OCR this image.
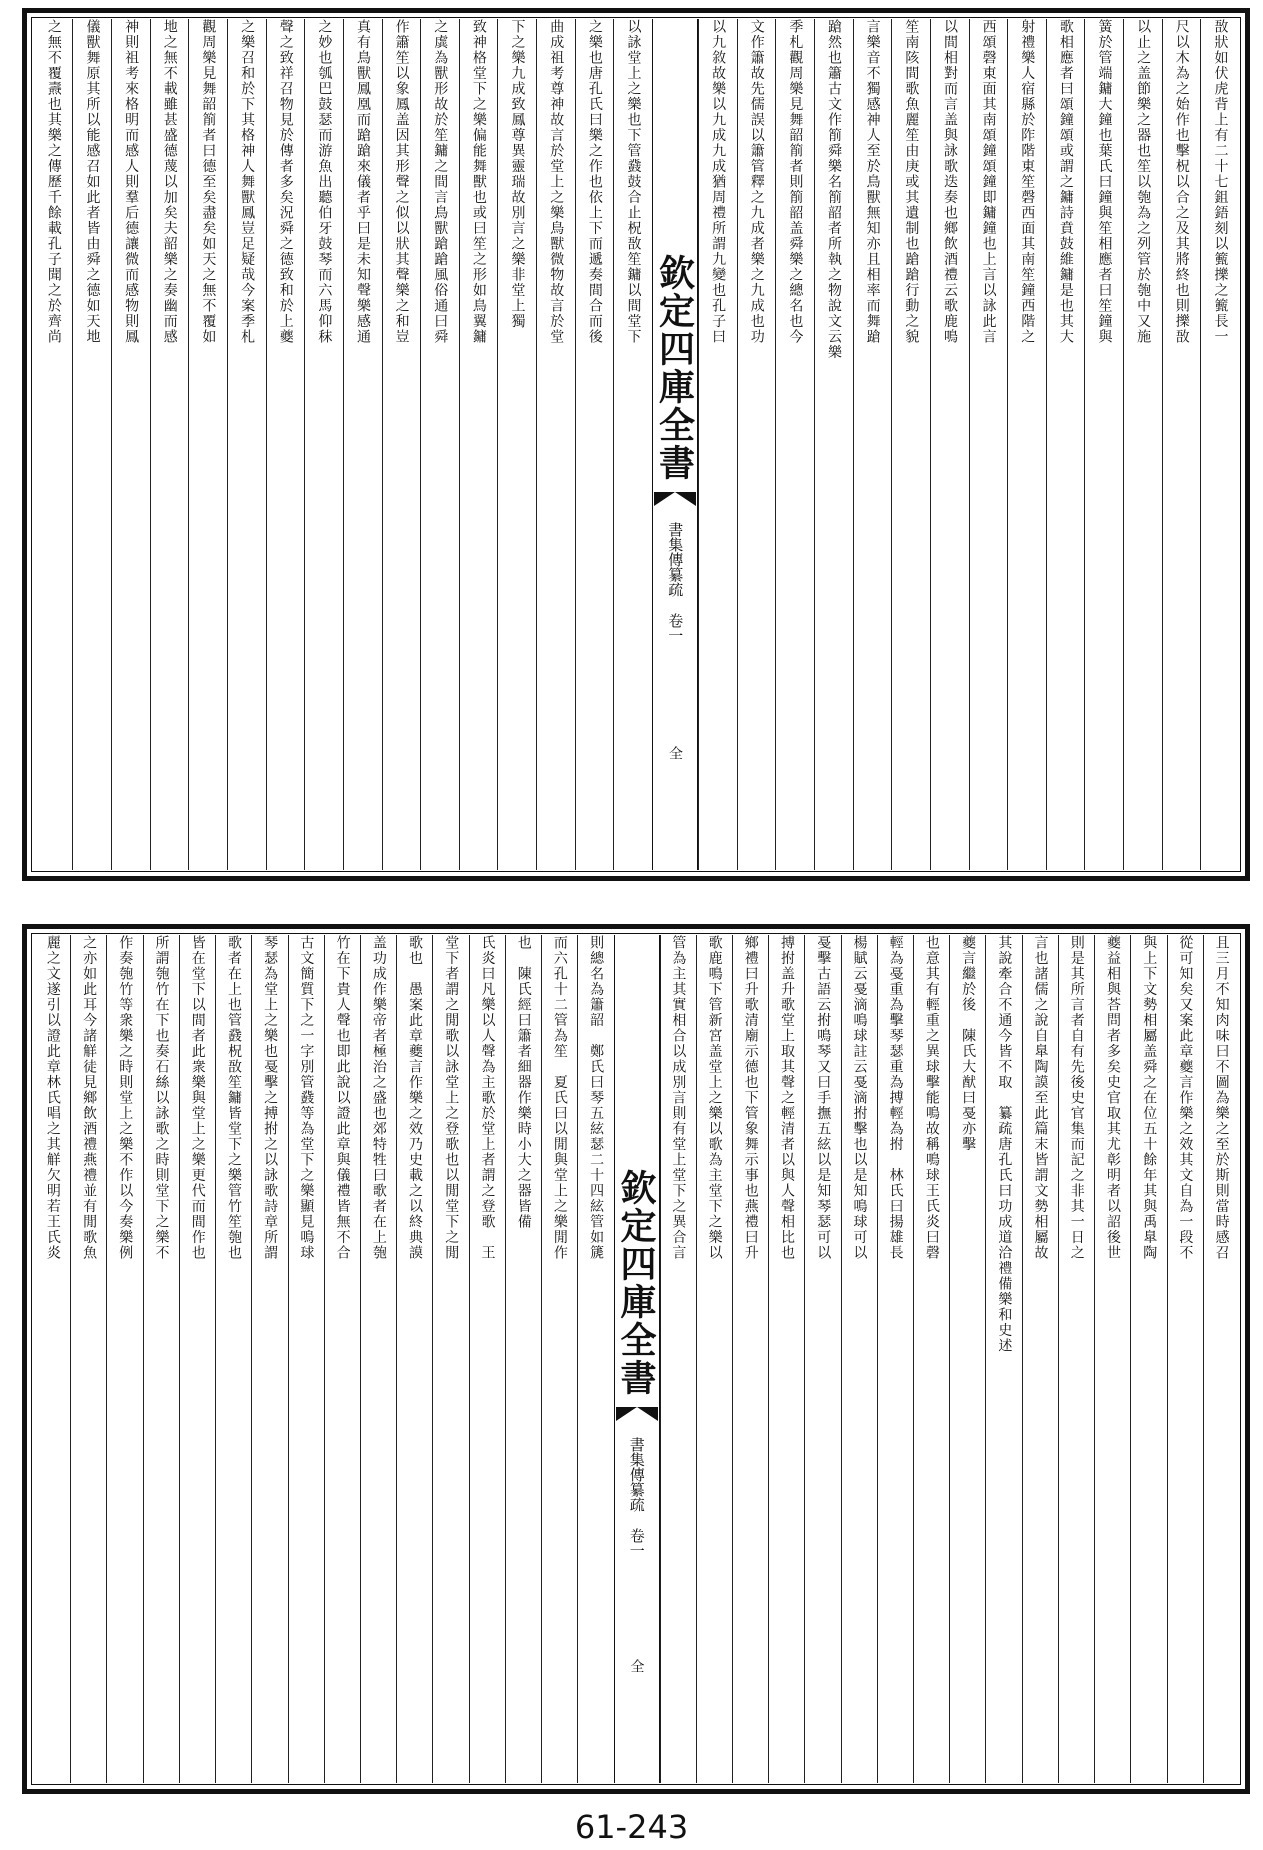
敔狀如伏虎背上有二十七鉏鋙刻以籈擽之籈長一
尺以木為之始作也擊柷以合之及其將終也則擽敔
以止之盖節樂之器也笙以匏為之列管於匏中又施
簧於管端鏞大鐘也葉氏曰鐘與笙相應者曰笙鐘與
歌相應者曰頌鐘頌或謂之鏞詩賁鼓維鏞是也其大
射禮樂人宿縣於阼階東笙磬西面其南笙鐘西階之
西頌磬東面其南頌鐘頌鐘即鏞鐘也上言以詠此言
以間相對而言盖與詠歌迭奏也鄉飲酒禮云歌鹿鳴
笙南陔間歌魚麗笙由庚或其遺制也蹌蹌行動之貌
言樂音不獨感神人至於鳥獸無知亦且相率而舞蹌
蹌然也簫古文作箾舜樂名箾韶者所執之物說文云樂
季札觀周樂見舞韶箾者則箾韶盖舜樂之總名也今
文作簫故先儒誤以簫管釋之九成者樂之九成也功
以九敘故樂以九成九成猶周禮所謂九變也孔子曰
欽定四庫全書
書集傳纂疏
卷一
全
以詠堂上之樂也下管鼗鼓合止柷敔笙鏞以間堂下
之樂也唐孔氏曰樂之作也依上下而遞奏間合而後
曲成祖考尊神故言於堂上之樂鳥獸微物故言於堂
下之樂九成致鳳尊異靈瑞故別言之樂非堂上獨
致神格堂下之樂偏能舞獸也或曰笙之形如鳥翼鏞
之虡為獸形故於笙鏞之間言鳥獸蹌蹌風俗通曰舜
作簫笙以象鳳盖因其形聲之似以狀其聲樂之和豈
真有鳥獸鳳凰而蹌蹌來儀者乎曰是未知聲樂感通
之妙也瓠巴鼓瑟而游魚出聽伯牙鼓琴而六馬仰秣
聲之致祥召物見於傳者多矣況舜之德致和於上夔
之樂召和於下其格神人舞獸鳳豈足疑哉今案季札
觀周樂見舞韶箾者曰德至矣盡矣如天之無不覆如
地之無不載雖甚盛德蔑以加矣夫韶樂之奏幽而感
神則祖考來格明而感人則羣后德讓微而感物則鳳
儀獸舞原其所以能感召如此者皆由舜之德如天地
之無不覆燾也其樂之傳歷千餘載孔子聞之於齊尚
且三月不知肉味曰不圖為樂之至於斯則當時感召
從可知矣又案此章夔言作樂之效其文自為一段不
與上下文勢相屬盖舜之在位五十餘年其與禹臯陶
夔益相與荅問者多矣史官取其尤彰明者以詔後世
則是其所言者自有先後史官集而記之非其一日之
言也諸儒之說自臯陶謨至此篇末皆謂文勢相屬故
其說牽合不通今皆不取　纂疏唐孔氏曰功成道洽禮備樂和史述
夔言繼於後　陳氏大猷曰戞亦擊
也意其有輕重之異球擊能鳴故稱鳴球王氏炎曰磬
輕為戞重為擊琴瑟重為搏輕為拊　林氏曰揚雄長
楊賦云戞滴鳴球註云戞滴拊擊也以是知鳴球可以
戞擊古語云拊鳴琴又曰手撫五絃以是知琴瑟可以
搏拊盖升歌堂上取其聲之輕清者以與人聲相比也
鄉禮曰升歌清廟示德也下管象舞示事也燕禮曰升
歌鹿鳴下管新宮盖堂上之樂以歌為主堂下之樂以
管為主其實相合以成別言則有堂上堂下之異合言
欽定四庫全書
書集傳纂疏
卷一
全
則總名為簫韶　鄭氏曰琴五絃瑟二十四絃管如篪
而六孔十二管為笙　夏氏曰以閒與堂上之樂閒作
也　陳氏經曰簫者細器作樂時小大之器皆備
氏炎曰凡樂以人聲為主歌於堂上者謂之登歌　王
堂下者謂之閒歌以詠堂上之登歌也以閒堂下之閒
歌也　愚案此章夔言作樂之效乃史載之以終典謨
盖功成作樂帝者極治之盛也郊特牲曰歌者在上匏
竹在下貴人聲也即此說以證此章與儀禮皆無不合
古文簡質下之一字別管鼗等為堂下之樂顯見鳴球
琴瑟為堂上之樂也戞擊之搏拊之以詠歌詩章所謂
歌者在上也管鼗柷敔笙鏞皆堂下之樂管竹笙匏也
皆在堂下以間者此衆樂與堂上之樂更代而間作也
所謂匏竹在下也奏石絲以詠歌之時則堂下之樂不
作奏匏竹等衆樂之時則堂上之樂不作以今奏樂例
之亦如此耳今諸觧徒見鄉飲酒禮燕禮並有閒歌魚
麗之文遂引以證此章林氏唱之其觧欠明若王氏炎
61-243
